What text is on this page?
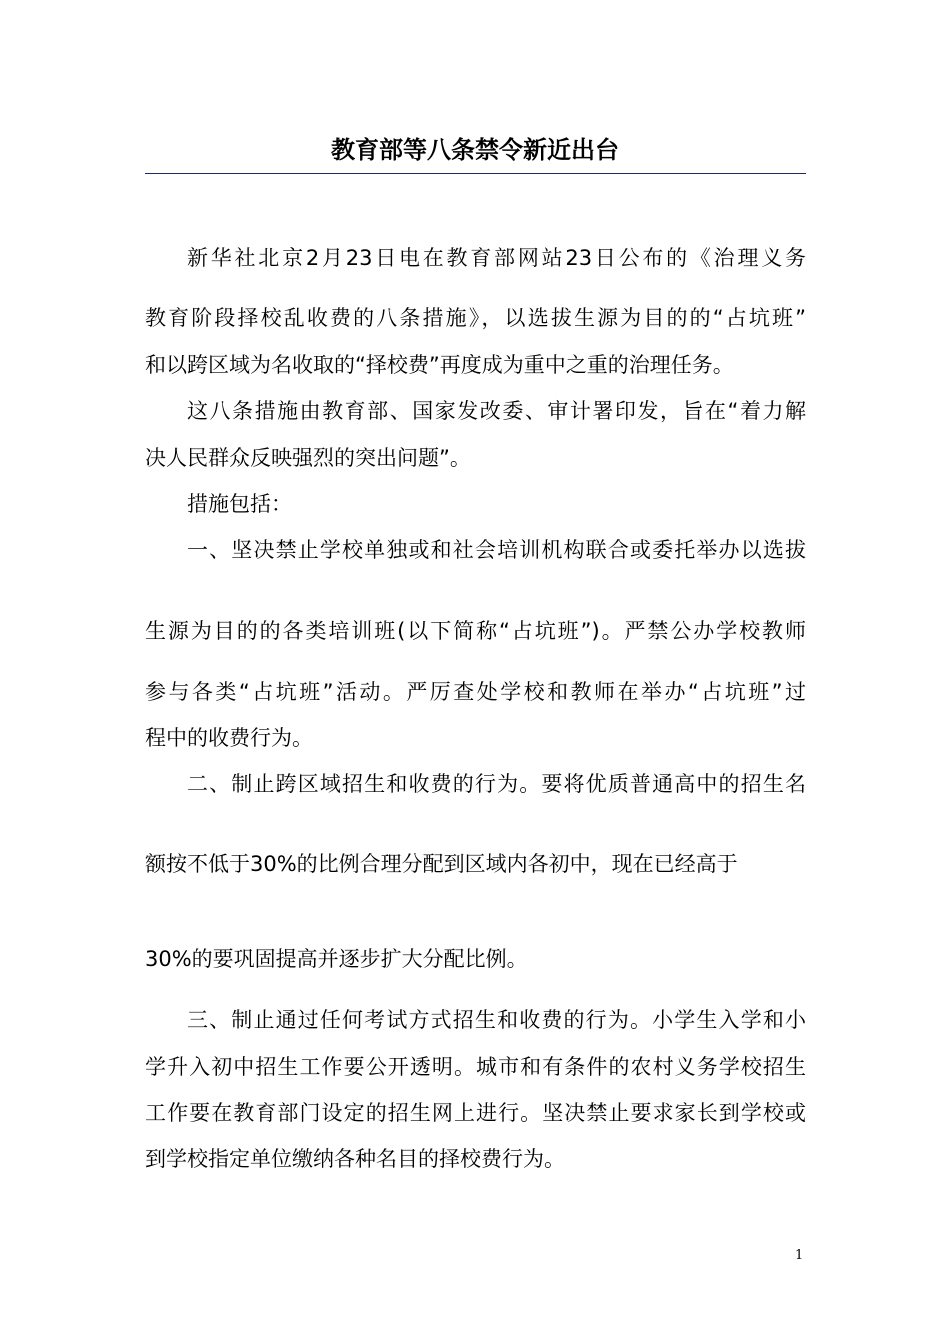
教育部等八条禁令新近出台
新华社北京2月23日电在教育部网站23日公布的《治理义务
教育阶段择校乱收费的八条措施》，以选拔生源为目的的“占坑班”
和以跨区域为名收取的“择校费”再度成为重中之重的治理任务。
这八条措施由教育部、国家发改委、审计署印发，旨在“着力解
决人民群众反映强烈的突出问题”。
措施包括：
一、坚决禁止学校单独或和社会培训机构联合或委托举办以选拔
生源为目的的各类培训班(以下简称“占坑班”)。严禁公办学校教师
参与各类“占坑班”活动。严厉查处学校和教师在举办“占坑班”过
程中的收费行为。
二、制止跨区域招生和收费的行为。要将优质普通高中的招生名
额按不低于30%的比例合理分配到区域内各初中，现在已经高于
30%的要巩固提高并逐步扩大分配比例。
三、制止通过任何考试方式招生和收费的行为。小学生入学和小
学升入初中招生工作要公开透明。城市和有条件的农村义务学校招生
工作要在教育部门设定的招生网上进行。坚决禁止要求家长到学校或
到学校指定单位缴纳各种名目的择校费行为。
1
